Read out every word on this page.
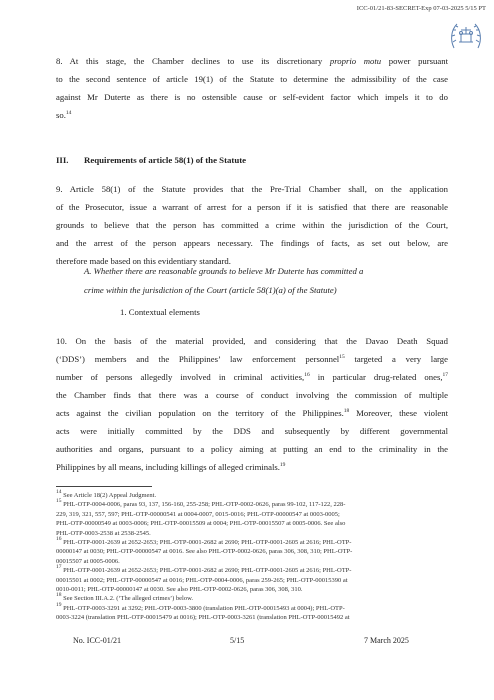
ICC-01/21-83-SECRET-Exp 07-03-2025 5/15 PT
8. At this stage, the Chamber declines to use its discretionary proprio motu power pursuant
to the second sentence of article 19(1) of the Statute to determine the admissibility of the case
against Mr Duterte as there is no ostensible cause or self-evident factor which impels it to do
so.$^{14}$
III. Requirements of article 58(1) of the Statute
9. Article 58(1) of the Statute provides that the Pre-Trial Chamber shall, on the application
of the Prosecutor, issue a warrant of arrest for a person if it is satisfied that there are reasonable
grounds to believe that the person has committed a crime within the jurisdiction of the Court,
and the arrest of the person appears necessary. The findings of facts, as set out below, are
therefore made based on this evidentiary standard.
A. Whether there are reasonable grounds to believe Mr Duterte has committed a
crime within the jurisdiction of the Court (article 58(1)(a) of the Statute)
1. Contextual elements
10. On the basis of the material provided, and considering that the Davao Death Squad
(‘DDS’) members and the Philippines’ law enforcement personnel$^{15}$ targeted a very large
number of persons allegedly involved in criminal activities,$^{16}$ in particular drug-related ones,$^{17}$
the Chamber finds that there was a course of conduct involving the commission of multiple
acts against the civilian population on the territory of the Philippines.$^{18}$ Moreover, these violent
acts were initially committed by the DDS and subsequently by different governmental
authorities and organs, pursuant to a policy aiming at putting an end to the criminality in the
Philippines by all means, including killings of alleged criminals.$^{19}$
$^{14}$ See Article 18(2) Appeal Judgment.
$^{15}$ PHL-OTP-0004-0006, paras 93, 137, 156-160, 255-258; PHL-OTP-0002-0626, paras 99-102, 117-122, 228-
229, 319, 321, 557, 597; PHL-OTP-00000541 at 0004-0007, 0015-0016; PHL-OTP-00000547 at 0003-0005;
PHL-OTP-00000549 at 0003-0006; PHL-OTP-00015509 at 0004; PHL-OTP-00015507 at 0005-0006. See also
PHL-OTP-0003-2538 at 2538-2545.
$^{16}$ PHL-OTP-0001-2639 at 2652-2653; PHL-OTP-0001-2682 at 2690; PHL-OTP-0001-2605 at 2616; PHL-OTP-
00000147 at 0030; PHL-OTP-00000547 at 0016. See also PHL-OTP-0002-0626, paras 306, 308, 310; PHL-OTP-
00015507 at 0005-0006.
$^{17}$ PHL-OTP-0001-2639 at 2652-2653; PHL-OTP-0001-2682 at 2690; PHL-OTP-0001-2605 at 2616; PHL-OTP-
00015501 at 0002; PHL-OTP-00000547 at 0016; PHL-OTP-0004-0006, paras 259-265; PHL-OTP-00015390 at
0010-0011; PHL-OTP-00000147 at 0030. See also PHL-OTP-0002-0626, paras 306, 308, 310.
$^{18}$ See Section III.A.2. (‘The alleged crimes’) below.
$^{19}$ PHL-OTP-0003-3291 at 3292; PHL-OTP-0003-3800 (translation PHL-OTP-00015493 at 0004); PHL-OTP-
0003-3224 (translation PHL-OTP-00015479 at 0016); PHL-OTP-0003-3261 (translation PHL-OTP-00015492 at
No. ICC-01/21	5/15	7 March 2025
